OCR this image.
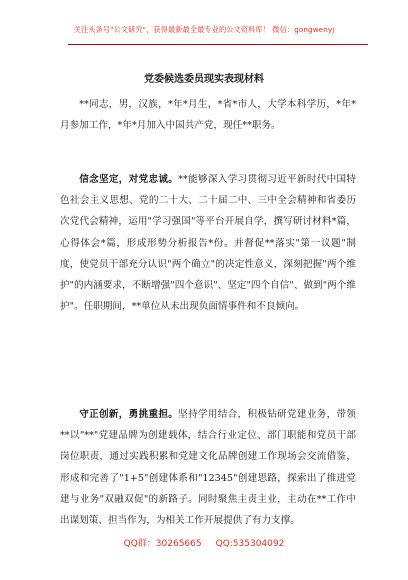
关注头条号"公文研究"，获得最新最全最专业的公文资料库！ 微信：gongwenyj
党委候选委员现实表现材料

**同志，男，汉族，*年*月生，*省*市人，大学本科学历，*年*月参加工作，*年*月加入中国共产党，现任**职务。

信念坚定，对党忠诚。**能够深入学习贯彻习近平新时代中国特色社会主义思想、党的二十大、二十届二中、三中全会精神和省委历次党代会精神，运用"学习强国"等平台开展自学，撰写研讨材料*篇，心得体会*篇，形成形势分析报告*份。并督促**落实"第一议题"制度，使党员干部充分认识"两个确立"的决定性意义，深刻把握"两个维护"的内涵要求，不断增强"四个意识"、坚定"四个自信"、做到"两个维护"。任职期间，**单位从未出现负面情事件和不良倾向。

守正创新，勇挑重担。坚持学用结合，积极钻研党建业务，带领**以"**"党建品牌为创建载体，结合行业定位、部门职能和党员干部岗位职责，通过实践积累和党建文化品牌创建工作现场会交流借鉴，形成和完善了"1+5"创建体系和"12345"创建思路，探索出了推进党建与业务"双融双促"的新路子。同时聚焦主责主业，主动在**工作中出谋划策、担当作为，为相关工作开展提供了有力支撑。

QQ群：30265665 QQ:535304092
